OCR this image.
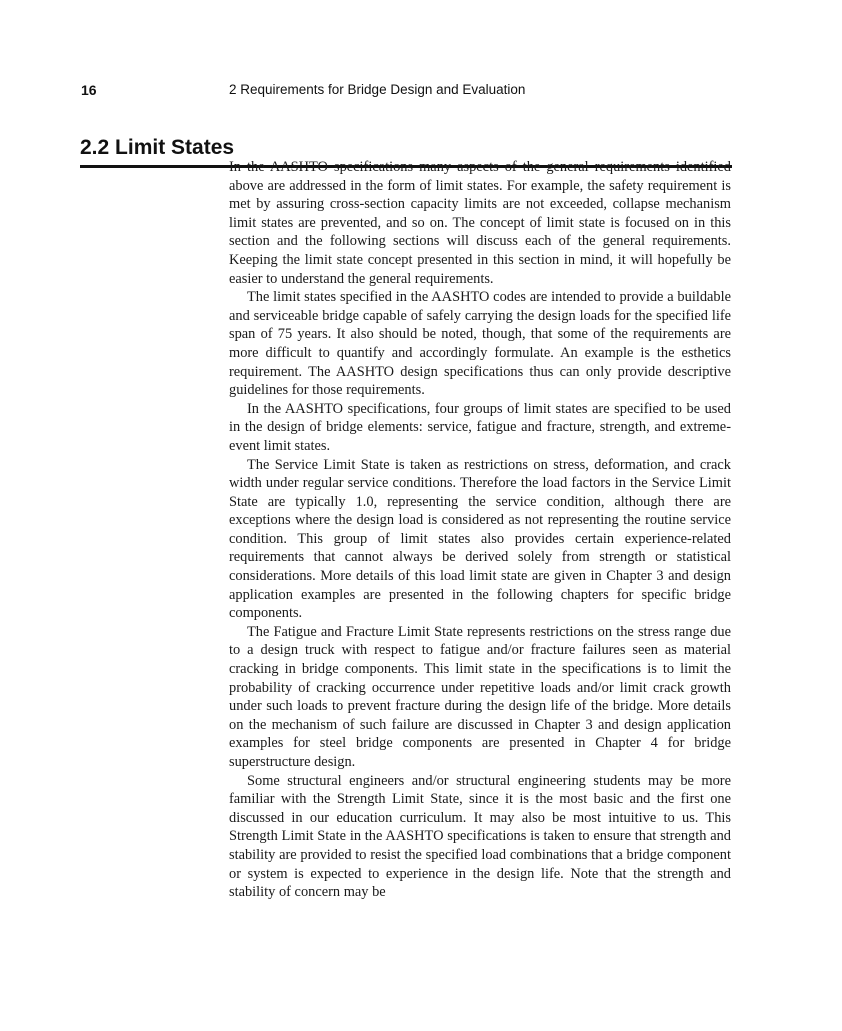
16	2 Requirements for Bridge Design and Evaluation
2.2 Limit States

In the AASHTO specifications many aspects of the general requirements identified above are addressed in the form of limit states. For example, the safety requirement is met by assuring cross-section capacity limits are not exceeded, collapse mechanism limit states are prevented, and so on. The concept of limit state is focused on in this section and the following sections will discuss each of the general requirements. Keeping the limit state concept presented in this section in mind, it will hopefully be easier to understand the general requirements.

The limit states specified in the AASHTO codes are intended to provide a buildable and serviceable bridge capable of safely carrying the design loads for the specified life span of 75 years. It also should be noted, though, that some of the requirements are more difficult to quantify and accordingly formulate. An example is the esthetics requirement. The AASHTO design specifications thus can only provide descriptive guidelines for those requirements.

In the AASHTO specifications, four groups of limit states are specified to be used in the design of bridge elements: service, fatigue and fracture, strength, and extreme-event limit states.

The Service Limit State is taken as restrictions on stress, deformation, and crack width under regular service conditions. Therefore the load factors in the Service Limit State are typically 1.0, representing the service condition, although there are exceptions where the design load is considered as not representing the routine service condition. This group of limit states also provides certain experience-related requirements that cannot always be derived solely from strength or statistical considerations. More details of this load limit state are given in Chapter 3 and design application examples are presented in the following chapters for specific bridge components.

The Fatigue and Fracture Limit State represents restrictions on the stress range due to a design truck with respect to fatigue and/or fracture failures seen as material cracking in bridge components. This limit state in the specifications is to limit the probability of cracking occurrence under repetitive loads and/or limit crack growth under such loads to prevent fracture during the design life of the bridge. More details on the mechanism of such failure are discussed in Chapter 3 and design application examples for steel bridge components are presented in Chapter 4 for bridge superstructure design.

Some structural engineers and/or structural engineering students may be more familiar with the Strength Limit State, since it is the most basic and the first one discussed in our education curriculum. It may also be most intuitive to us. This Strength Limit State in the AASHTO specifications is taken to ensure that strength and stability are provided to resist the specified load combinations that a bridge component or system is expected to experience in the design life. Note that the strength and stability of concern may be
